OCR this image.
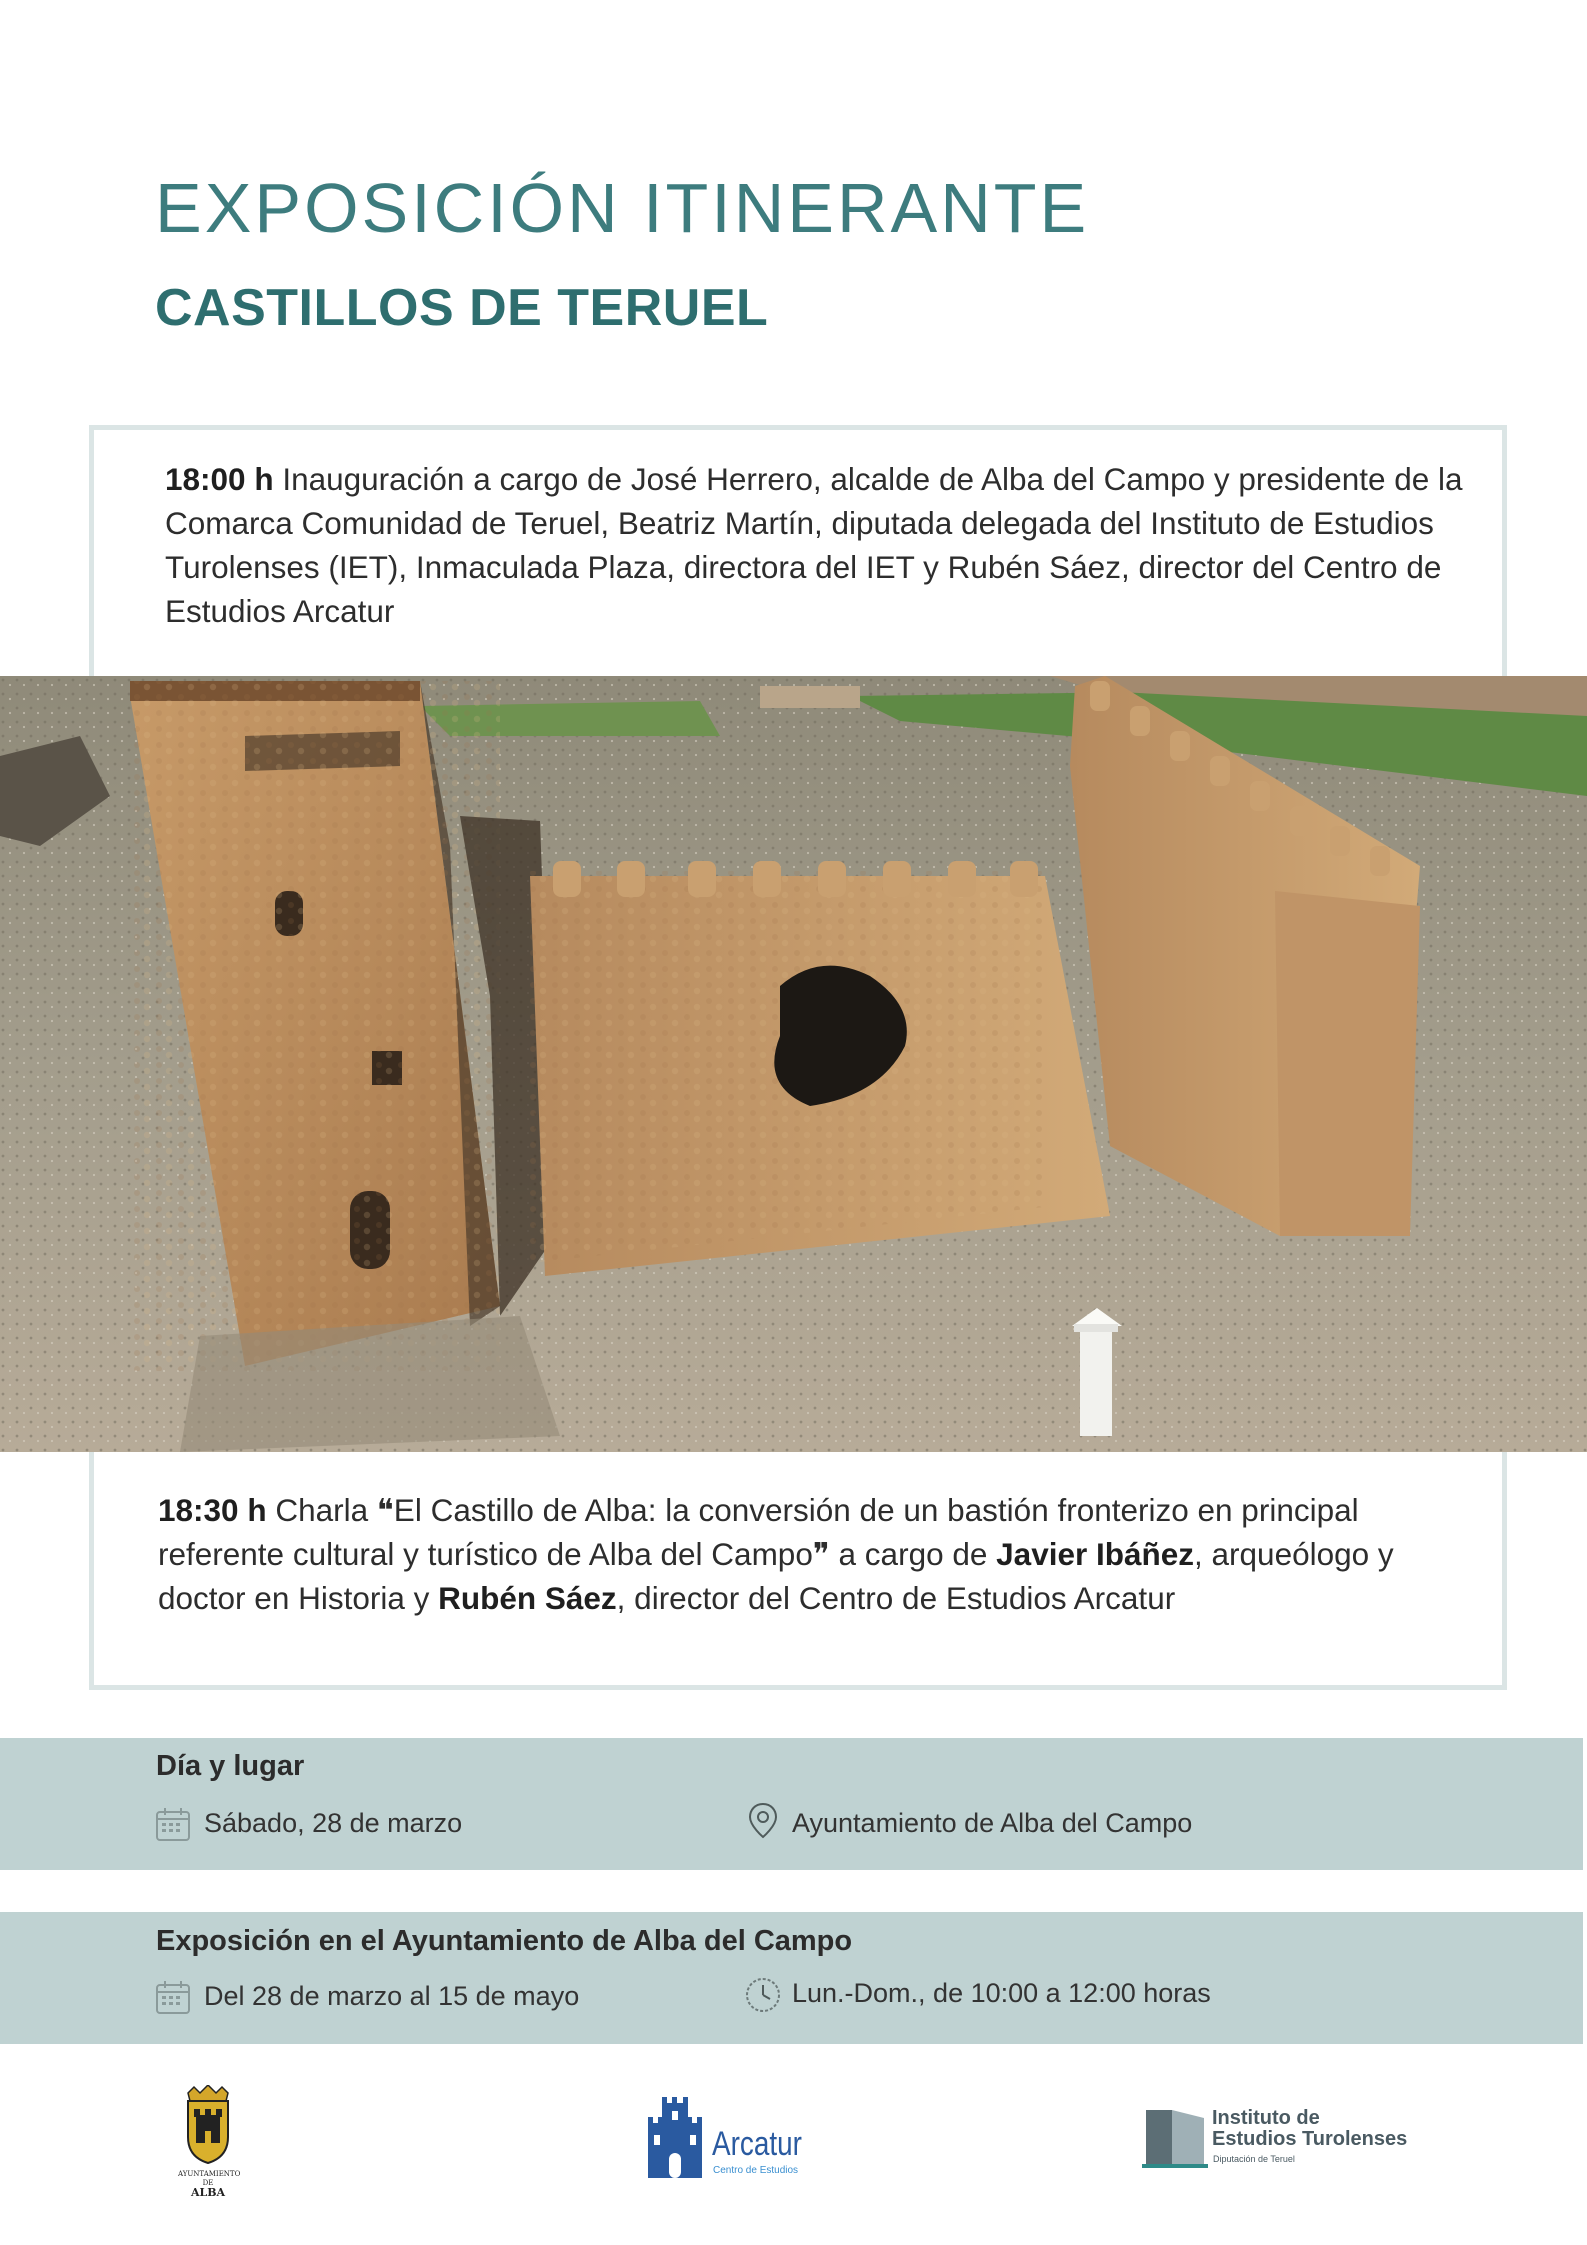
EXPOSICIÓN ITINERANTE
CASTILLOS DE TERUEL
18:00 h Inauguración a cargo de José Herrero, alcalde de Alba del Campo y presidente de la Comarca Comunidad de Teruel, Beatriz Martín, diputada delegada del Instituto de Estudios Turolenses (IET), Inmaculada Plaza, directora del IET y Rubén Sáez, director del Centro de Estudios Arcatur
18:30 h Charla ❝El Castillo de Alba: la conversión de un bastión fronterizo en principal referente cultural y turístico de Alba del Campo❞ a cargo de Javier Ibáñez, arqueólogo y doctor en Historia y Rubén Sáez, director del Centro de Estudios Arcatur
Día y lugar
Sábado, 28 de marzo	Ayuntamiento de Alba del Campo
Exposición en el Ayuntamiento de Alba del Campo
Del 28 de marzo al 15 de mayo	Lun.-Dom., de 10:00 a 12:00 horas
AYUNTAMIENTO
DE
ALBA
Arcatur
Centro de Estudios
Instituto de
Estudios Turolenses
Diputación de Teruel
